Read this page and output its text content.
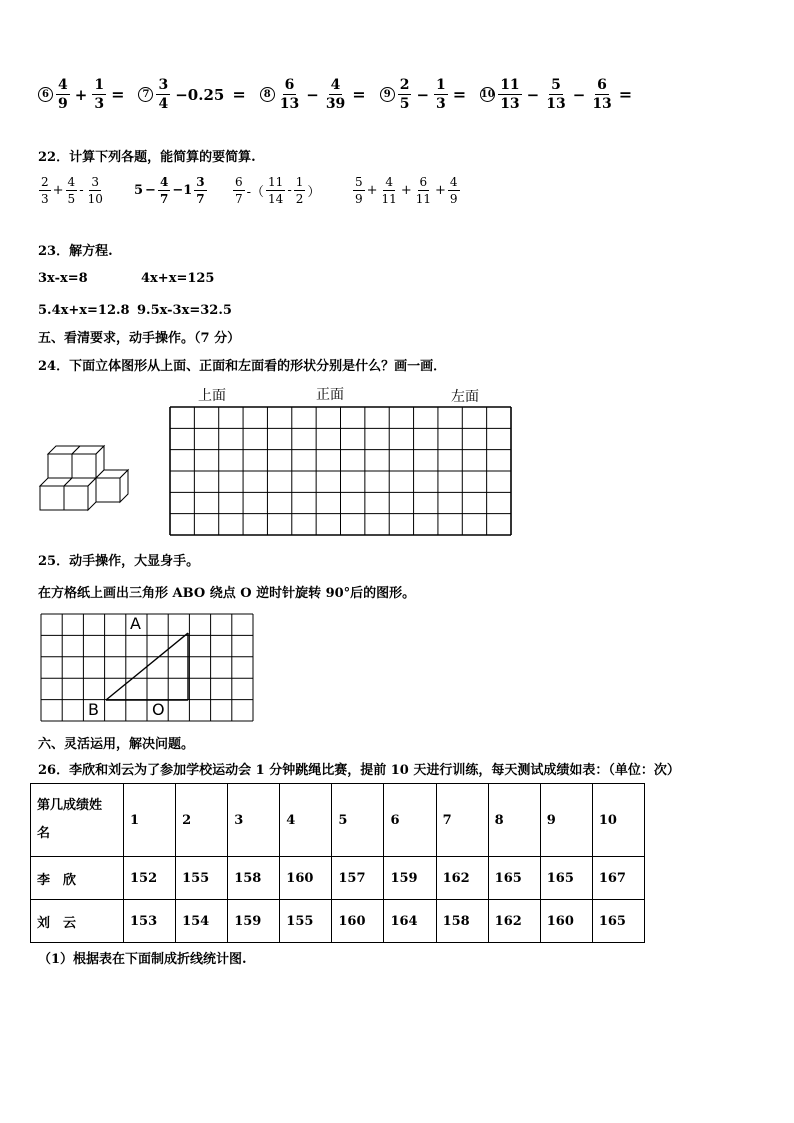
$6 \frac{4}{9} + \frac{1}{3}$ =	$7 \frac{3}{4} -0.25$ =	$8 \frac{6}{13} - \frac{4}{39}$ =	$9 \frac{2}{5} - \frac{1}{3} = 10 \frac{11}{13} - \frac{5}{13} - \frac{6}{13}$ =
22．计算下列各题，能简算的要简算.
$\frac{2}{3} + \frac{4}{5} - \frac{3}{10} 5 - \frac{4}{7} -1 \frac{3}{7} \frac{6}{7}$ -（ $\frac{11}{14} - \frac{1}{2}$ ）	$\frac{5}{9} + \frac{4}{11} + \frac{6}{11} + \frac{4}{9}$
23．解方程.
3x-x=8	4x+x=125
5.4x+x=12.8 9.5x-3x=32.5
五、看清要求，动手操作。（7 分）
24．下面立体图形从上面、正面和左面看的形状分别是什么？画一画．
上面	正面	左面
25．动手操作，大显身手。
在方格纸上画出三角形 ABO 绕点 O 逆时针旋转 90°后的图形。
A
B	O
六、灵活运用，解决问题。
26．李欣和刘云为了参加学校运动会 1 分钟跳绳比赛，提前 10 天进行训练，每天测试成绩如表：（单位：次）
第几成绩姓
名	1	2	3	4	5	6	7	8	9	10
李　欣	152	155	158	160	157	159	162	165	165	167
刘　云	153	154	159	155	160	164	158	162	160	165
（1）根据表在下面制成折线统计图.
